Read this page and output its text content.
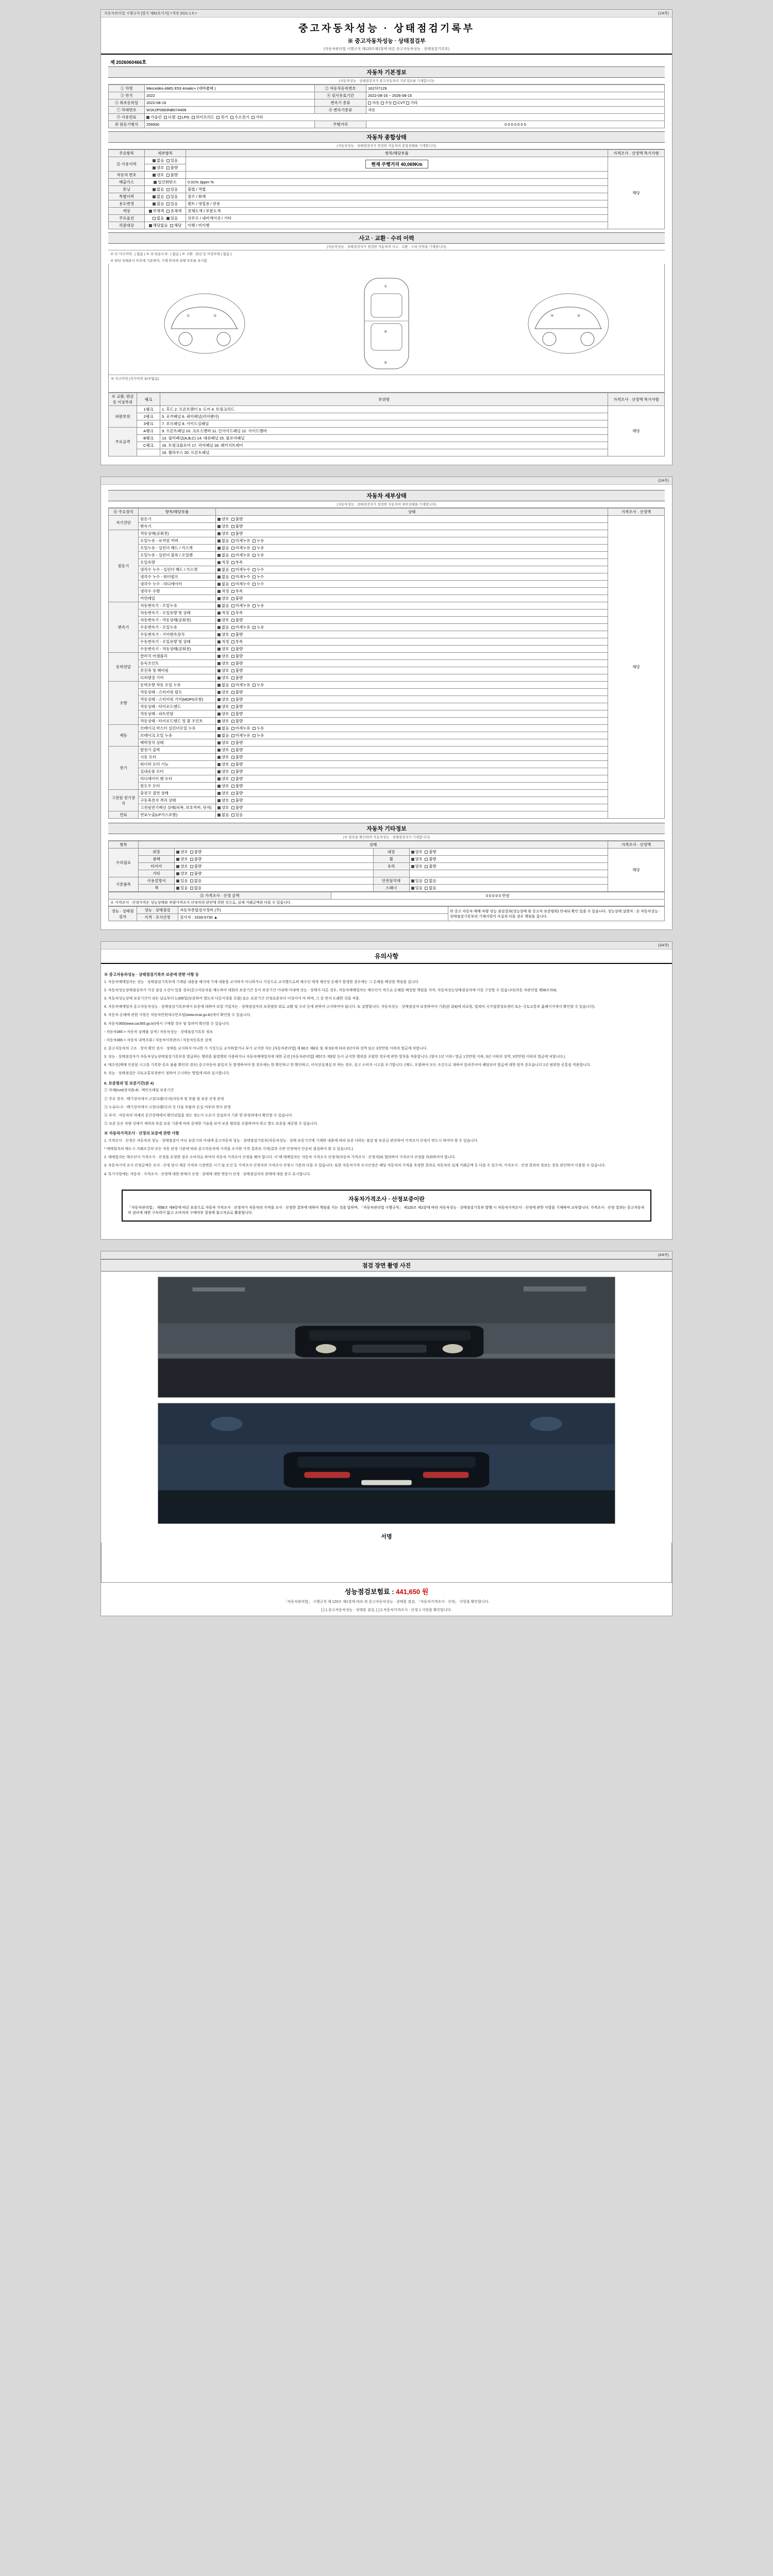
자동차관리법 시행규칙 [별지 제82호서식] <개정 2021.1.5.>	(1/4쪽)
중고자동차성능 · 상태점검기록부
※ 중고자동차성능 · 상태점검부
(자동차관리법 시행규칙 제120조제1항에 따른 중고자동차성능 · 상태점검기록부)
제 2026060466호
자동차 기본정보
(자동차성능 · 상태점검자가 중고자동차의 기본정보를 기재합니다)
① 차명	Mercedes-AMG E53 4matic+ (네바쿱페 )	② 자동차등록번호	162허7129
③ 연식	2022	④ 검사유효기간	2022-08-16 ~ 2026-08-15
⑤ 최초등록일	2022-08-16	변속기 종류	자동 수동 CVT 기타
⑦ 차대번호	W1K2P0683NB074406	⑧ 변속기종류	자동
⑨ 사용연료	가솔린 디젤 LPG 하이브리드 전기 수소전기 기타		
⑩ 원동기형식	256930	주행거리	0 0 0 0 0 0 0
자동차 종합상태
(자동차성능 · 상태점검자가 점검한 자동차의 종합상태를 기재합니다)
주요항목	세부항목	항목/해당부품	가격조사 · 산정액 특기사항
⑫ 사용이력	없음 있음	현재 주행거리 40,069Km	해당
	양호 불량		
자동차 번호	양호 불량		
배출가스	일산화탄소	0.01% 3ppm %	
튜닝	없음 있음	불법 / 적법	
특별이력	없음 있음	침수 / 화재	
용도변경	없음 있음	렌트 / 영업용 / 관용	
색상	무채색 유채색	전체도색 / 부분도색	
주요옵션	없음 있음	선루프 / 내비게이션 / 기타	
리콜대상	해당없음 해당	이행 / 미이행	
사고 · 교환 · 수리 이력
(자동차성능 · 상태점검자가 점검한 자동차의 사고 · 교환 · 수리 이력을 기재합니다)
※ ⑬ 사고이력 : ( 없음 ) ※ ⑭ 단순수리 : ( 없음 ) ※ 교환 · 판금 등 이상부위 ( 없음 )
※ 하단 상태표시 부호에 기준하여, 기재 위치에 상태 부호를 표시함
①	②
①
⑩
④
③	④
※ 사고이력 (자기이력 유/무없음)
※ 교환, 판금 등 이상부위	랭크	부위명	가격조사 · 산정액 특기사항
외판부위	1랭크	1. 후드 2. 프론트팬더 3. 도어 4. 트렁크리드	해당
	2랭크	5. 로커패널 6. 쿼터패널(리어펜더)	
	3랭크	7. 루프패널 8. 사이드실패널	
주요골격	A랭크	9. 프론트패널 10. 크로스멤버 11. 인사이드패널 12. 사이드멤버	
	B랭크	13. 필러패널(A,B,C) 14. 대쉬패널 15. 플로어패널	
	C랭크	16. 트렁크플로어 17. 리어패널 18. 패키지트레이	
		19. 휠하우스 20. 프론트패널	
(2/4쪽)
자동차 세부상태
(자동차성능 · 상태점검자가 점검한 자동차의 세부상태를 기재합니다)
⑮ 주요장치	항목/해당부품	상태	가격조사 · 산정액
자기진단	원동기	양호  불량	해당
	변속기	양호  불량	
원동기	작동상태(공회전)	양호  불량	
	오일누유 - 로커암 커버	없음  미세누유  누유	
	오일누유 - 실린더 헤드 / 가스켓	없음  미세누유  누유	
	오일누유 - 실린더 블록 / 오일팬	없음  미세누유  누유	
	오일유량	적정  부족	
	냉각수 누수 - 실린더 헤드 / 가스켓	없음  미세누수  누수	
	냉각수 누수 - 워터펌프	없음  미세누수  누수	
	냉각수 누수 - 라디에이터	없음  미세누수  누수	
	냉각수 수량	적정  부족	
	커먼레일	양호  불량	
변속기	자동변속기 - 오일누유	없음  미세누유  누유	
	자동변속기 - 오일유량 및 상태	적정  부족	
	자동변속기 - 작동상태(공회전)	양호  불량	
	수동변속기 - 오일누유	없음  미세누유  누유	
	수동변속기 - 기어변속장치	양호  불량	
	수동변속기 - 오일유량 및 상태	적정  부족	
	수동변속기 - 작동상태(공회전)	양호  불량	
동력전달	클러치 어셈블리	양호  불량	
	등속조인트	양호  불량	
	추진축 및 베어링	양호  불량	
	디퍼렌셜 기어	양호  불량	
조향	동력조향 작동 오일 누유	없음  미세누유  누유	
	작동상태 - 스티어링 펌프	양호  불량	
	작동상태 - 스티어링 기어(MDPS포함)	양호  불량	
	작동상태 - 타이로드엔드	양호  불량	
	작동상태 - 피트먼암	양호  불량	
	작동상태 - 타이로드엔드 및 볼 조인트	양호  불량	
제동	브레이크 마스터 실린더오일 누유	없음  미세누유  누유	
	브레이크 오일 누유	없음  미세누유  누유	
	배력장치 상태	양호  불량	
전기	발전기 출력	양호  불량	
	시동 모터	양호  불량	
	와이퍼 모터 기능	양호  불량	
	실내송풍 모터	양호  불량	
	라디에이터 팬 모터	양호  불량	
	윈도우 모터	양호  불량	
고전원 전기장치	충전구 절연 상태	양호  불량	
	구동축전지 격리 상태	양호  불량	
	고전원전기배선 상태(피복, 보호커버, 단자)	양호  불량	
연료	연료누출(LP가스포함)	없음  있음	
자동차 기타정보
(※ 항목을 확인하여 자동차성능 · 상태점검자가 기재합니다)
항목	상태				가격조사 · 산정액
수리필요	외장	양호  불량	내장	양호  불량	해당
	광택	양호  불량	휠	양호  불량	
	타이어	양호  불량	유리	양호  불량	
	기타	양호  불량			
기본품목	사용설명서	있음  없음	안전삼각대	있음  없음	
	잭	있음  없음	스패너	있음  없음	
㉑ 가격조사 · 산정 금액	0 0 0 0 0 만원
※ 가격조사 · 산정가격은 성능상태와 차량가격조사 산정자의 판단에 의한 것으로, 실제 거래금액과 다를 수 있습니다.
성능 · 상태점검자	성능 · 상태점검	자동차종합검사정비 (주)	위 중고 자동차 매매 차량 성능 점검결과(성능상태 및 중고차 보증범위) 안내되 확인 있을 수 있음니다. 성능상태 설명자 : 본 자동차성능 · 상태점검기록부의 기재사항이 사실과 다를 경우 책임을 집니다.
	가격 · 조사산정	검사자 : 1533-0730 ▲	
(3/4쪽)
유의사항
※ 중고자동차성능 · 상태점검기록부 보증에 관한 사항 등

1. 자동차매매업자는 성능 · 상태점검기록부에 기재된 내용을 해지에 기재 내용을 교지하지 아니하거나 거짓으로 교지했으로써 매수인 에게 재산상 손해가 발생한 경우에는 그 손해를 배상할 책임을 집니다.

2. 자동차성능상태점검자가 거짓 점검 소견이 있을 경우(중고자동차를 매도하여 대회의 보증기간 등이 보증기간 이내에 이내에 성능 · 상태가 다른 경우, 자동차매매업자는 매수인이 적으로 손해를 배상할 책임을 지며, 자동차성능상태점검자에 이를 구상할 수 있습니다(자동 차관리법 제58조의4).

3. 자동차성능상태 보증기간이 되는 날로부터 1,000일(보증하여 별도의 다른지정을 포함) 또는 보증기간 산정표준보다 이상이어 야 하며, 그 중 먼저 도래한 것을 적용.

4. 자동차매매업자 중고자동차성능 · 상태점검기록부에서 보증에 대하여 보험 가입자는 · 상태점검자의 보증범위 외로 교환 및 수리 등에 관하여 고지하여야 됩니다. 또 설명합니다. 자동차성능 · 상태점검자 보장하여야 기준(본 2(4)에 의료원, 법제처 국가법령정보센터 또는 국토교통부 홈페이지에서 확인할 수 있습니다).

5. 자동차 손해에 관한 사항은 자동차민원대국민포털(www.ecar.go.kr)에서 확인할 수 있습니다.

6. 자동차365(www.car365.go.kr)에서 구매할 경우 및 알려야 확인할 수 있습니다.

- 자동차365 > 자동차 실매물 검색 / 자동차성능 · 상태점검기록부 정보

- 자동차365 > 자동차 내역조회 / 자동차이력관리 / 자동차등록증 검색

2. 중고자동차의 구조 · 장치 확인 검사 · 상태를 교지하지 아니한 가 거짓으로 교지하였거나 부가 교지한 자는 [자동차관리법] 제 80조 제8호 및 제 9호에 따라 3년이하 징역 또는 3천만원 이하의 벌금에 처합니다.

3. 성능 · 상태점검자가 자동차성능상태점검기록부를 발급하는 행위를 불법행위 이용하거나 자동차매매업자에 대한 금전 [자동차관리법] 제57조 제3항 등이 금지한 행위를 포함한 경우에 관한 벌칙을 적용합니다. (형사 1년 이하 / 벌금 1천만원 이하, 3년 이하의 징역, 3천만원 이하의 벌금에 처합니다.)

4. 매수인(매매 인증된 시고를 기록한 중요 물품 확인의 경우) 중고자동차 불일치 등 발생하여야 할 경우에는 한 확인하고 한 확인하고, 서식상실재실 부 하는 경우, 중고 소비자 시고를 포기합니다. (매도, 포함하여 모든 조건으로 대하여 알려주어야 해당되어 발급에 대한 원칙 중요습니다 1년 범위한 공통을 적용합니다.

5. 성능 · 상태점검은 국토교통부장관이 정하여 고시하는 방법에 따라 실시합니다.

6. 보증범위 및 보증기간(본 4)

① 차체(rust)장치(5.4) : 메인프레임 보증기간

② 주요 장치 : 배기장치에서 고장/교환/수리(자동차 및 부품 및 보증 산정 판정

③ 누유/누수 : 배기장치에서 고장/교환/수리 등 다음 부품의 손실 여부의 변조 판정

④ 부식 : 자동차의 차체의 공간상태에서 확인되었을 정도 정도이 소요가 상실의지 기준 한 판정과에서 확인할 수 있습니다.

⑤ 보증 등은 차량 상태가 제작과 부분 보증 기준에 따라 중대한 기술을 보여 보증 범위를 포함하여야 하고 별도 보증을 제공할 수 있습니다.

※ 자동차가격조사 · 산정의 보증에 관한 사항

1. 가격조사 · 산정은 자동차의 성능 · 상태점검이 아닌 보증기의 아내에 중고자동차 성능 · 상태점검기록부(자동차성능 · 상태 보증기간에 기재한 내용에 따라 보증 다하는 점검 및 보증금 관련하여 가격조사 산정이 반드시 하여야 할 수 있습니다.

* 매매업자의 매도시 거래조건의 모든 자동 판정 기준에 따라 중고자동차에 가격을 조사한 가격 결과의 가격(결과 수반 산정에서 단순히 점검하여 할 수 있습니다.)

2. 매매업자는 매수인이 가격조사 · 산정을 요청한 경우 소비자로 하여야 자동차 가격조사 산정을 해야 합니다. 이 때 매매업자는 자동차 가격조사 산정자(자동차 가격조사 · 산정자)와 협의하여 가격조사 산정을 의뢰하여야 합니다.

3. 자동차가격 조사 산정금액은 조사 · 산정 당시 제공 가격과 시장변동 시기 및 조건 등 가격조사 산정자의 가격조사 산정시 기준과 다를 수 있습니다. 또한 자동차가격 조사산정은 해당 자동차의 가격을 추정한 결과로 자동차의 실제 거래금액 등 다를 수 있으며, 가격조사 · 산정 결과의 정보는 상호 판단하여 이용할 수 있습니다.

4. 특기사항에는 자동차 · 가격조사 · 산정액 대한 판매가 산정 · 상태에 대한 변동이 산정 · 상태점검자의 판매에 대를 준수 표시합니다.

자동차가격조사 · 산정보증이란
「자동차관리법」 제58조 제4항에 따른 보증으로 자동차 가격조사 · 산정자가 자동차의 가격을 조사 · 산정한 결과에 대하여 책임을 지는 것을 말하며, 「자동차관리법 시행규칙」 제120조 제1항에 따라 자동차성능 · 상태점검기록부 발행 시 자동차가격조사 · 산정에 관한 사항을 기재하여 교부합니다. 가격조사 · 산정 결과는 중고자동차의 권리에 대한 구속력이 없고 소비자의 구매여부 결정에 참고자료로 활용합니다.
(4/4쪽)
점검 장면 촬영 사진
서명
성능점검보험료 : 441,650 원
「자동차관리법」 시행규칙 제 120조 제1항에 따라 위 중고자동차성능 · 상태를 점검, 「자동차가격조사 · 산정」 사항을 확인합니다.
[ ] 1.중고자동차성능 · 상태를 점검, [ ] 2.자동차가격조사 · 산정 1 사항을 확인합니다.
